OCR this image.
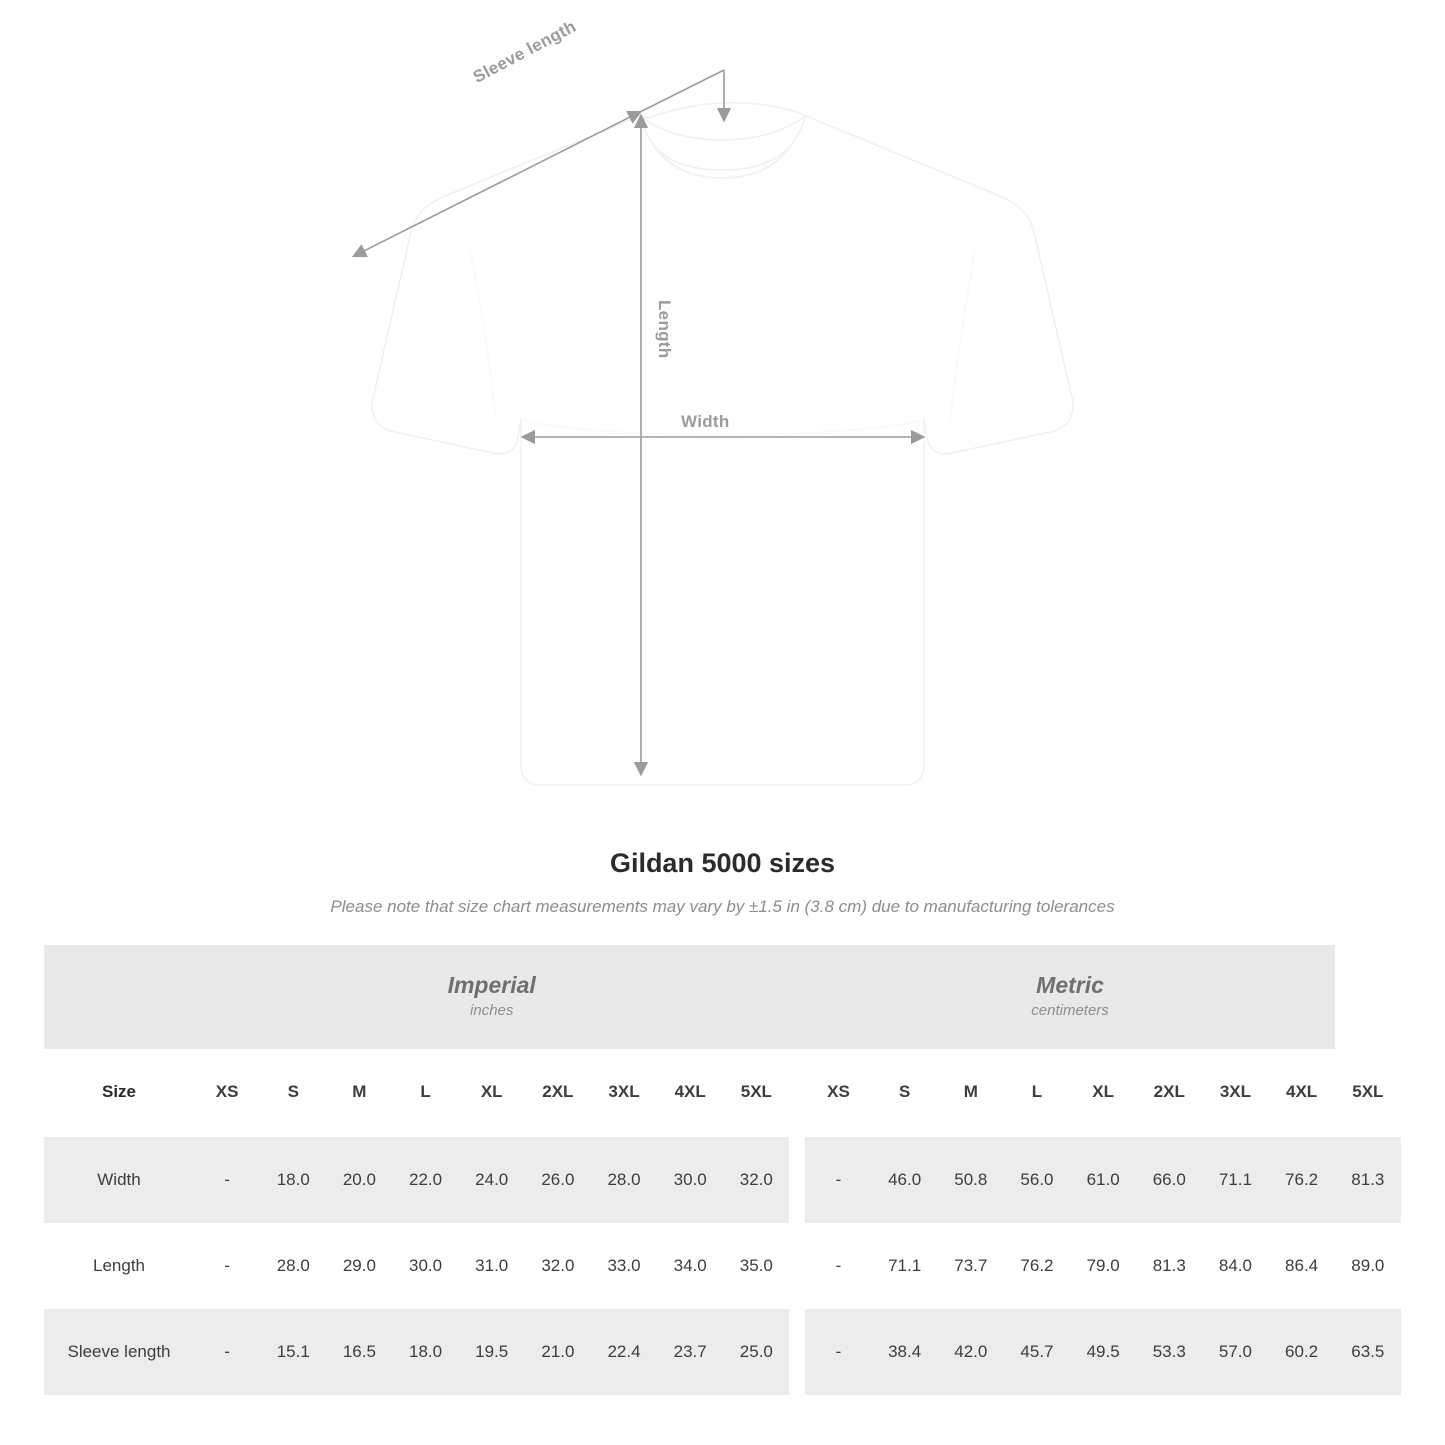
Sleeve length
Length
Width
Gildan 5000 sizes

Please note that size chart measurements may vary by ±1.5 in (3.8 cm) due to manufacturing tolerances

Imperial
inches

Metric
centimeters

Size	XS	S	M	L	XL	2XL	3XL	4XL	5XL		XS	S	M	L	XL	2XL	3XL	4XL	5XL
Width	-	18.0	20.0	22.0	24.0	26.0	28.0	30.0	32.0		-	46.0	50.8	56.0	61.0	66.0	71.1	76.2	81.3
Length	-	28.0	29.0	30.0	31.0	32.0	33.0	34.0	35.0		-	71.1	73.7	76.2	79.0	81.3	84.0	86.4	89.0
Sleeve length	-	15.1	16.5	18.0	19.5	21.0	22.4	23.7	25.0		-	38.4	42.0	45.7	49.5	53.3	57.0	60.2	63.5
